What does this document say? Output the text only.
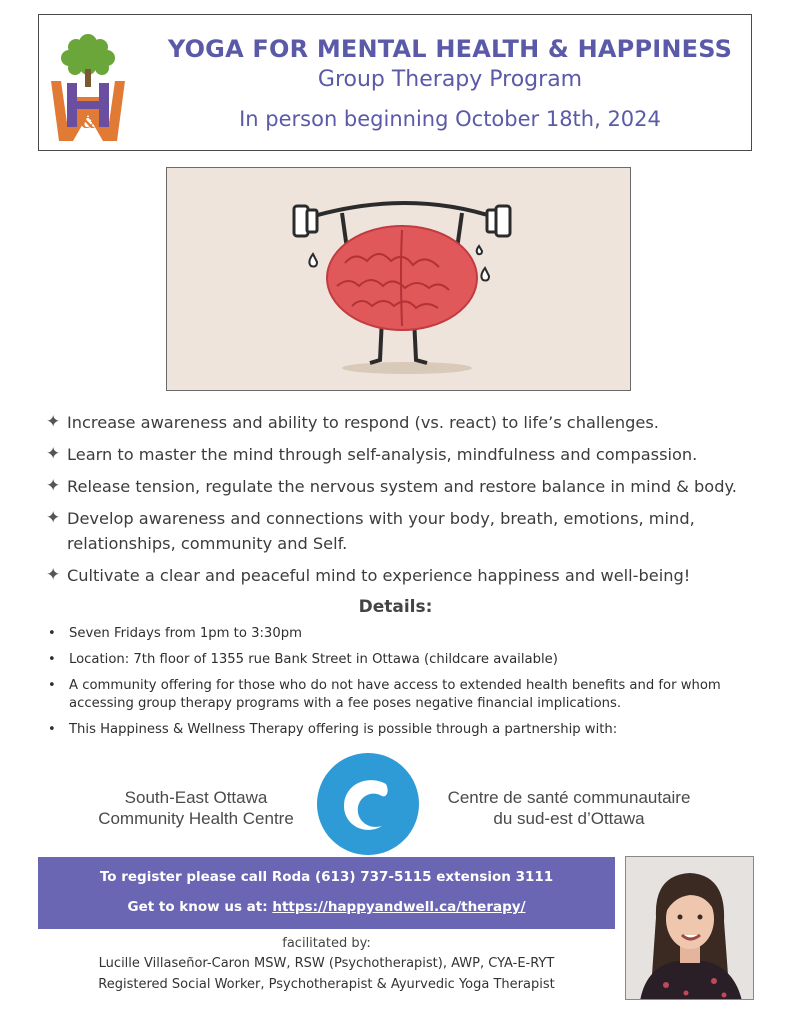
&
YOGA FOR MENTAL HEALTH & HAPPINESS
Group Therapy Program
In person beginning October 18th, 2024
✦ Increase awareness and ability to respond (vs. react) to life’s challenges.
✦ Learn to master the mind through self-analysis, mindfulness and compassion.
✦ Release tension, regulate the nervous system and restore balance in mind & body.
✦ Develop awareness and connections with your body, breath, emotions, mind, relationships, community and Self.
✦ Cultivate a clear and peaceful mind to experience happiness and well-being!
Details:
• Seven Fridays from 1pm to 3:30pm
• Location: 7th floor of 1355 rue Bank Street in Ottawa (childcare available)
• A community offering for those who do not have access to extended health benefits and for whom accessing group therapy programs with a fee poses negative financial implications.
• This Happiness & Wellness Therapy offering is possible through a partnership with:
South-East Ottawa
Community Health Centre
Centre de santé communautaire
du sud-est d’Ottawa
To register please call Roda (613) 737-5115 extension 3111
Get to know us at: https://happyandwell.ca/therapy/
facilitated by:
Lucille Villaseñor-Caron MSW, RSW (Psychotherapist), AWP, CYA-E-RYT
Registered Social Worker, Psychotherapist & Ayurvedic Yoga Therapist
